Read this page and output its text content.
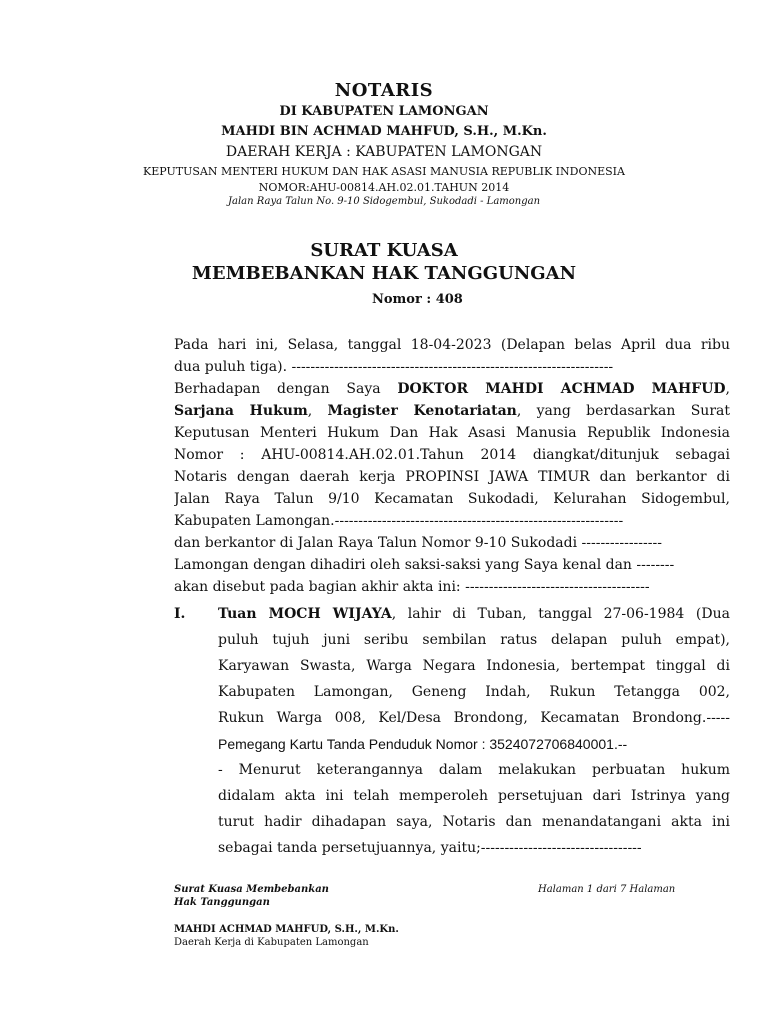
NOTARIS
DI KABUPATEN LAMONGAN
MAHDI BIN ACHMAD MAHFUD, S.H., M.Kn.
DAERAH KERJA : KABUPATEN LAMONGAN
KEPUTUSAN MENTERI HUKUM DAN HAK ASASI MANUSIA REPUBLIK INDONESIA
NOMOR:AHU-00814.AH.02.01.TAHUN 2014
Jalan Raya Talun No. 9-10 Sidogembul, Sukodadi - Lamongan
SURAT KUASA
MEMBEBANKAN HAK TANGGUNGAN
Nomor : 408
Pada hari ini, Selasa, tanggal 18-04-2023 (Delapan belas April dua ribu
dua puluh tiga). --------------------------------------------------------------------
Berhadapan dengan Saya DOKTOR MAHDI ACHMAD MAHFUD,
Sarjana Hukum, Magister Kenotariatan, yang berdasarkan Surat
Keputusan Menteri Hukum Dan Hak Asasi Manusia Republik Indonesia
Nomor : AHU-00814.AH.02.01.Tahun 2014 diangkat/ditunjuk sebagai
Notaris dengan daerah kerja PROPINSI JAWA TIMUR dan berkantor di
Jalan Raya Talun 9/10 Kecamatan Sukodadi, Kelurahan Sidogembul,
Kabupaten Lamongan.-------------------------------------------------------------
dan berkantor di Jalan Raya Talun Nomor 9-10 Sukodadi -----------------
Lamongan dengan dihadiri oleh saksi-saksi yang Saya kenal dan --------
akan disebut pada bagian akhir akta ini: ---------------------------------------
I. Tuan MOCH WIJAYA, lahir di Tuban, tanggal 27-06-1984 (Dua
puluh tujuh juni seribu sembilan ratus delapan puluh empat),
Karyawan Swasta, Warga Negara Indonesia, bertempat tinggal di
Kabupaten Lamongan, Geneng Indah, Rukun Tetangga 002,
Rukun Warga 008, Kel/Desa Brondong, Kecamatan Brondong.-----
Pemegang Kartu Tanda Penduduk Nomor : 3524072706840001.--
- Menurut keterangannya dalam melakukan perbuatan hukum
didalam akta ini telah memperoleh persetujuan dari Istrinya yang
turut hadir dihadapan saya, Notaris dan menandatangani akta ini
sebagai tanda persetujuannya, yaitu;----------------------------------
Surat Kuasa Membebankan
Hak Tanggungan
Halaman 1 dari 7 Halaman
MAHDI ACHMAD MAHFUD, S.H., M.Kn.
Daerah Kerja di Kabupaten Lamongan
